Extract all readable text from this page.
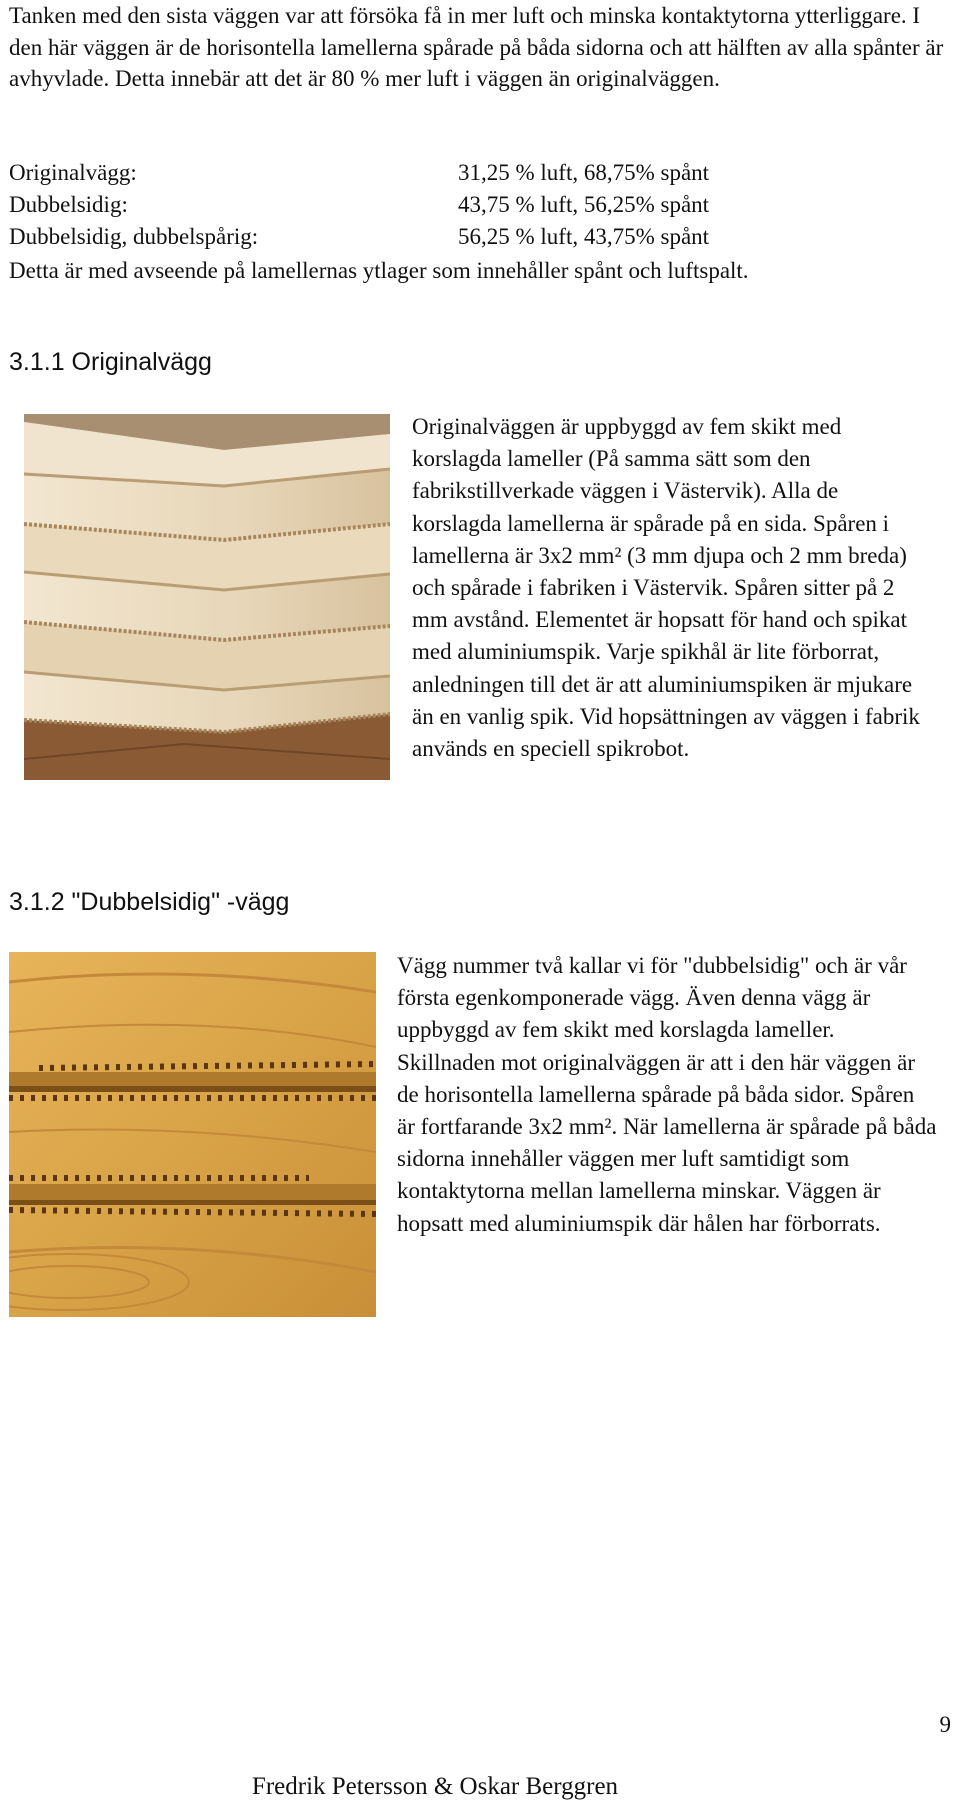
Tanken med den sista väggen var att försöka få in mer luft och minska kontaktytorna ytterliggare. I den här väggen är de horisontella lamellerna spårade på båda sidorna och att hälften av alla spånter är avhyvlade. Detta innebär att det är 80 % mer luft i väggen än originalväggen.

Originalvägg:	31,25 % luft, 68,75% spånt
Dubbelsidig:	43,75 % luft, 56,25% spånt
Dubbelsidig, dubbelspårig:	56,25 % luft, 43,75% spånt
Detta är med avseende på lamellernas ytlager som innehåller spånt och luftspalt.
3.1.1 Originalvägg

Originalväggen är uppbyggd av fem skikt med korslagda lameller (På samma sätt som den fabrikstillverkade väggen i Västervik). Alla de korslagda lamellerna är spårade på en sida. Spåren i lamellerna är 3x2 mm² (3 mm djupa och 2 mm breda) och spårade i fabriken i Västervik. Spåren sitter på 2 mm avstånd. Elementet är hopsatt för hand och spikat med aluminiumspik. Varje spikhål är lite förborrat, anledningen till det är att aluminiumspiken är mjukare än en vanlig spik. Vid hopsättningen av väggen i fabrik används en speciell spikrobot.

3.1.2 "Dubbelsidig" -vägg

Vägg nummer två kallar vi för "dubbelsidig" och är vår första egenkomponerade vägg. Även denna vägg är uppbyggd av fem skikt med korslagda lameller. Skillnaden mot originalväggen är att i den här väggen är de horisontella lamellerna spårade på båda sidor. Spåren är fortfarande 3x2 mm². När lamellerna är spårade på båda sidorna innehåller väggen mer luft samtidigt som kontaktytorna mellan lamellerna minskar. Väggen är hopsatt med aluminiumspik där hålen har förborrats.

9
Fredrik Petersson & Oskar Berggren
